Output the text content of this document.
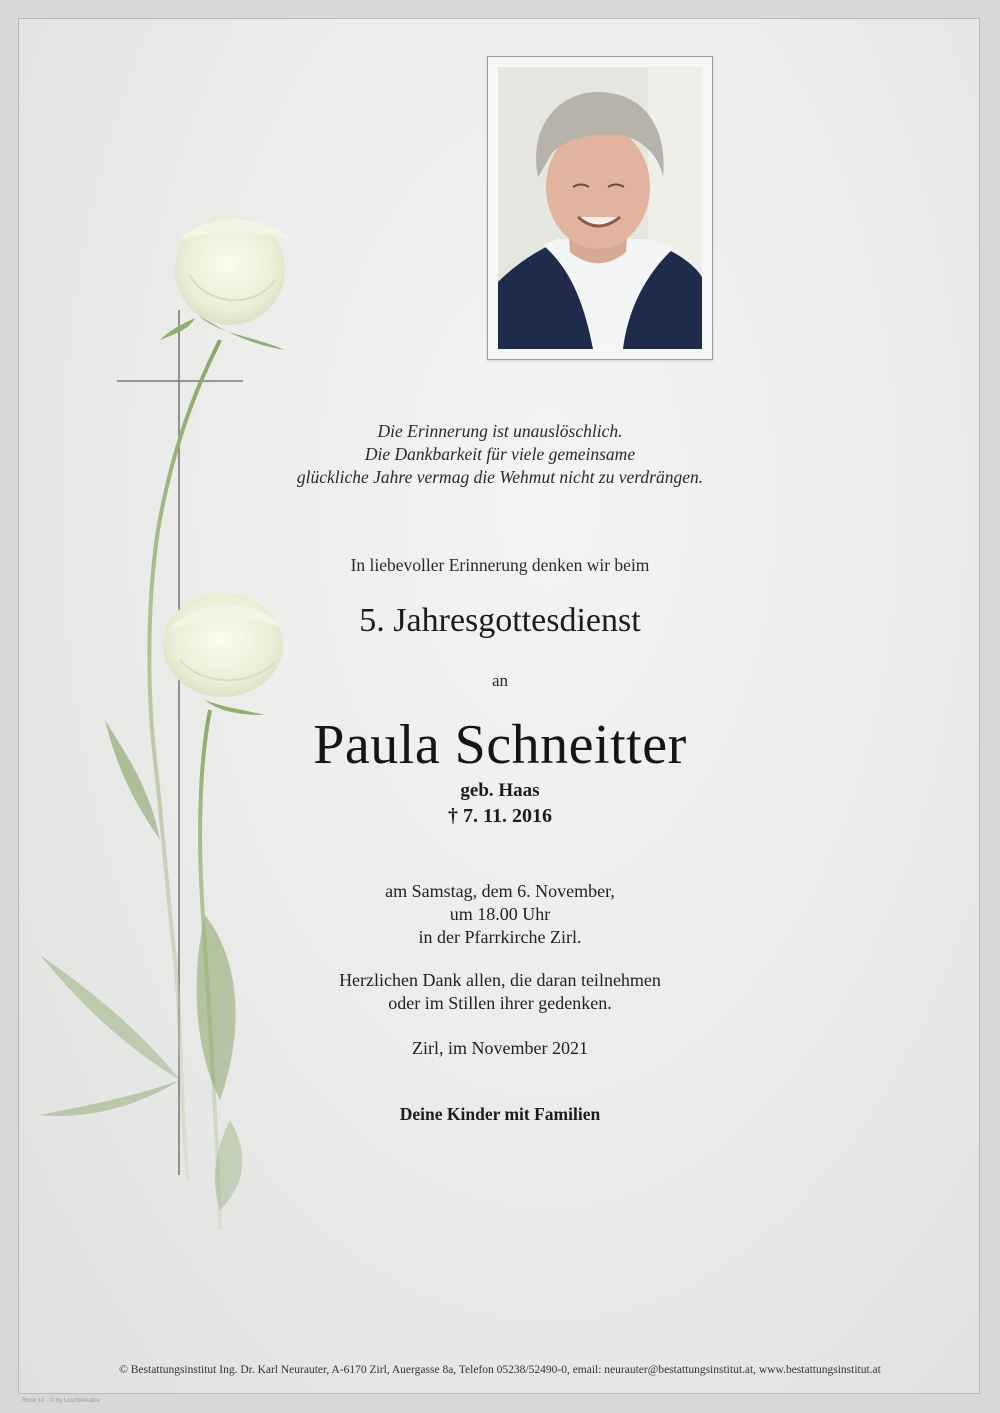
Die Erinnerung ist unauslöschlich.
Die Dankbarkeit für viele gemeinsame
glückliche Jahre vermag die Wehmut nicht zu verdrängen.
In liebevoller Erinnerung denken wir beim
5. Jahresgottesdienst
an
Paula Schneitter
geb. Haas
† 7. 11. 2016
am Samstag, dem 6. November,
um 18.00 Uhr
in der Pfarrkirche Zirl.
Herzlichen Dank allen, die daran teilnehmen
oder im Stillen ihrer gedenken.
Zirl, im November 2021
Deine Kinder mit Familien
© Bestattungsinstitut Ing. Dr. Karl Neurauter, A-6170 Zirl, Auergasse 8a, Telefon 05238/52490-0, email: neurauter@bestattungsinstitut.at, www.bestattungsinstitut.at
Rose 10 · © by Lösch/Avalne
